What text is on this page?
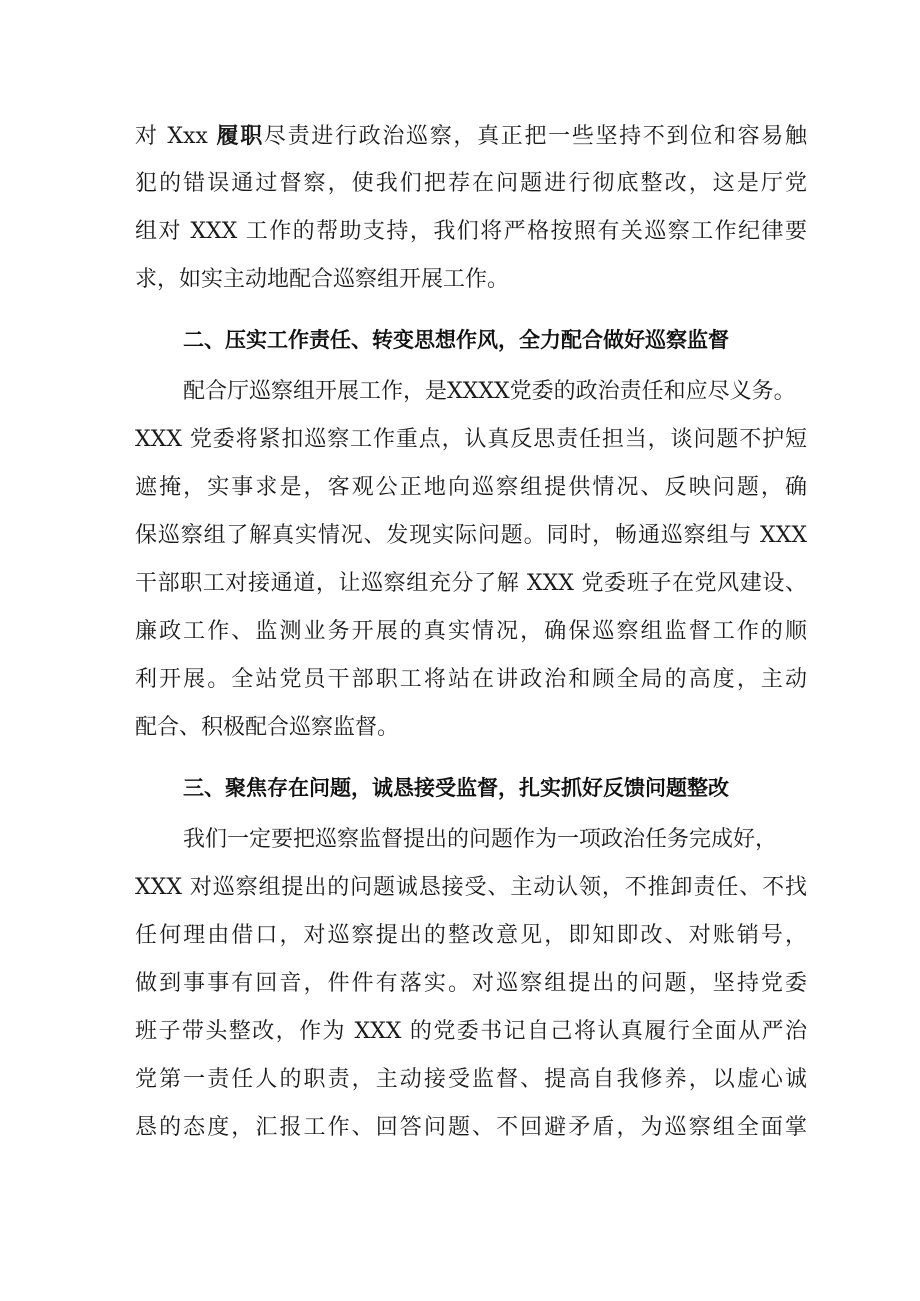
对 Xxx 履职尽责进行政治巡察，真正把一些坚持不到位和容易触
犯的错误通过督察，使我们把荐在问题进行彻底整改，这是厅党
组对 XXX 工作的帮助支持，我们将严格按照有关巡察工作纪律要
求，如实主动地配合巡察组开展工作。
二、压实工作责任、转变思想作风，全力配合做好巡察监督
配合厅巡察组开展工作，是XXXX党委的政治责任和应尽义务。
XXX 党委将紧扣巡察工作重点，认真反思责任担当，谈问题不护短
遮掩，实事求是，客观公正地向巡察组提供情况、反映问题，确
保巡察组了解真实情况、发现实际问题。同时，畅通巡察组与 XXX
干部职工对接通道，让巡察组充分了解 XXX 党委班子在党风建设、
廉政工作、监测业务开展的真实情况，确保巡察组监督工作的顺
利开展。全站党员干部职工将站在讲政治和顾全局的高度，主动
配合、积极配合巡察监督。
三、聚焦存在问题，诚恳接受监督，扎实抓好反馈问题整改
我们一定要把巡察监督提出的问题作为一项政治任务完成好，
XXX 对巡察组提出的问题诚恳接受、主动认领，不推卸责任、不找
任何理由借口，对巡察提出的整改意见，即知即改、对账销号，
做到事事有回音，件件有落实。对巡察组提出的问题，坚持党委
班子带头整改，作为 XXX 的党委书记自己将认真履行全面从严治
党第一责任人的职责，主动接受监督、提高自我修养，以虚心诚
恳的态度，汇报工作、回答问题、不回避矛盾，为巡察组全面掌
